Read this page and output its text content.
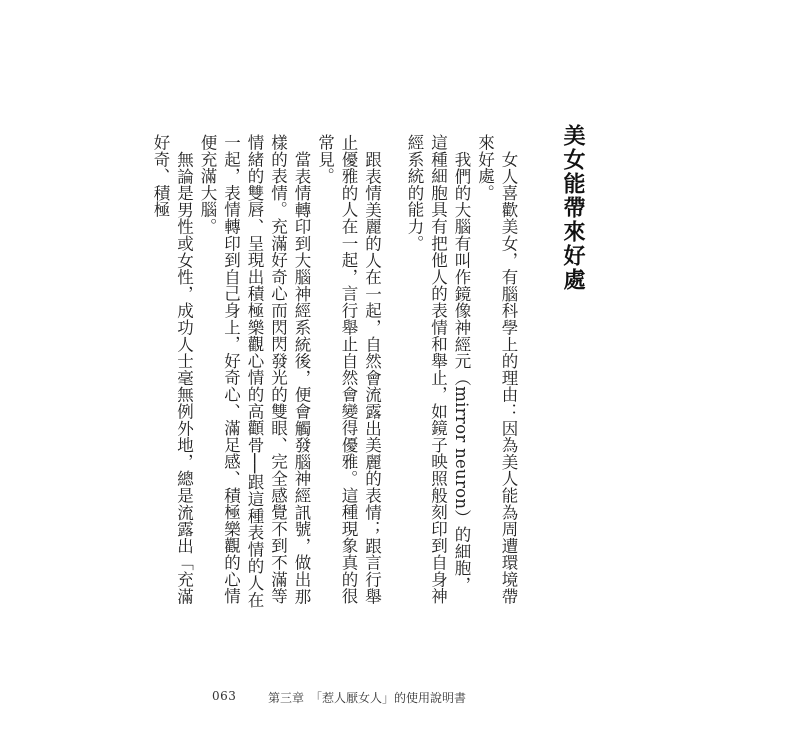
美女能帶來好處

女人喜歡美女，有腦科學上的理由：因為美人能為周遭環境帶來好處。

我們的大腦有叫作鏡像神經元（mirror neuron）的細胞，這種細胞具有把他人的表情和舉止，如鏡子映照般刻印到自身神經系統的能力。

跟表情美麗的人在一起，自然會流露出美麗的表情；跟言行舉止優雅的人在一起，言行舉止自然會變得優雅。這種現象真的很常見。

當表情轉印到大腦神經系統後，便會觸發腦神經訊號，做出那樣的表情。充滿好奇心而閃閃發光的雙眼、完全感覺不到不滿等情緒的雙唇、呈現出積極樂觀心情的高顴骨──跟這種表情的人在一起，表情轉印到自己身上，好奇心、滿足感、積極樂觀的心情便充滿大腦。

無論是男性或女性，成功人士毫無例外地，總是流露出「充滿好奇、積極

063	第三章　「惹人厭女人」的使用說明書
